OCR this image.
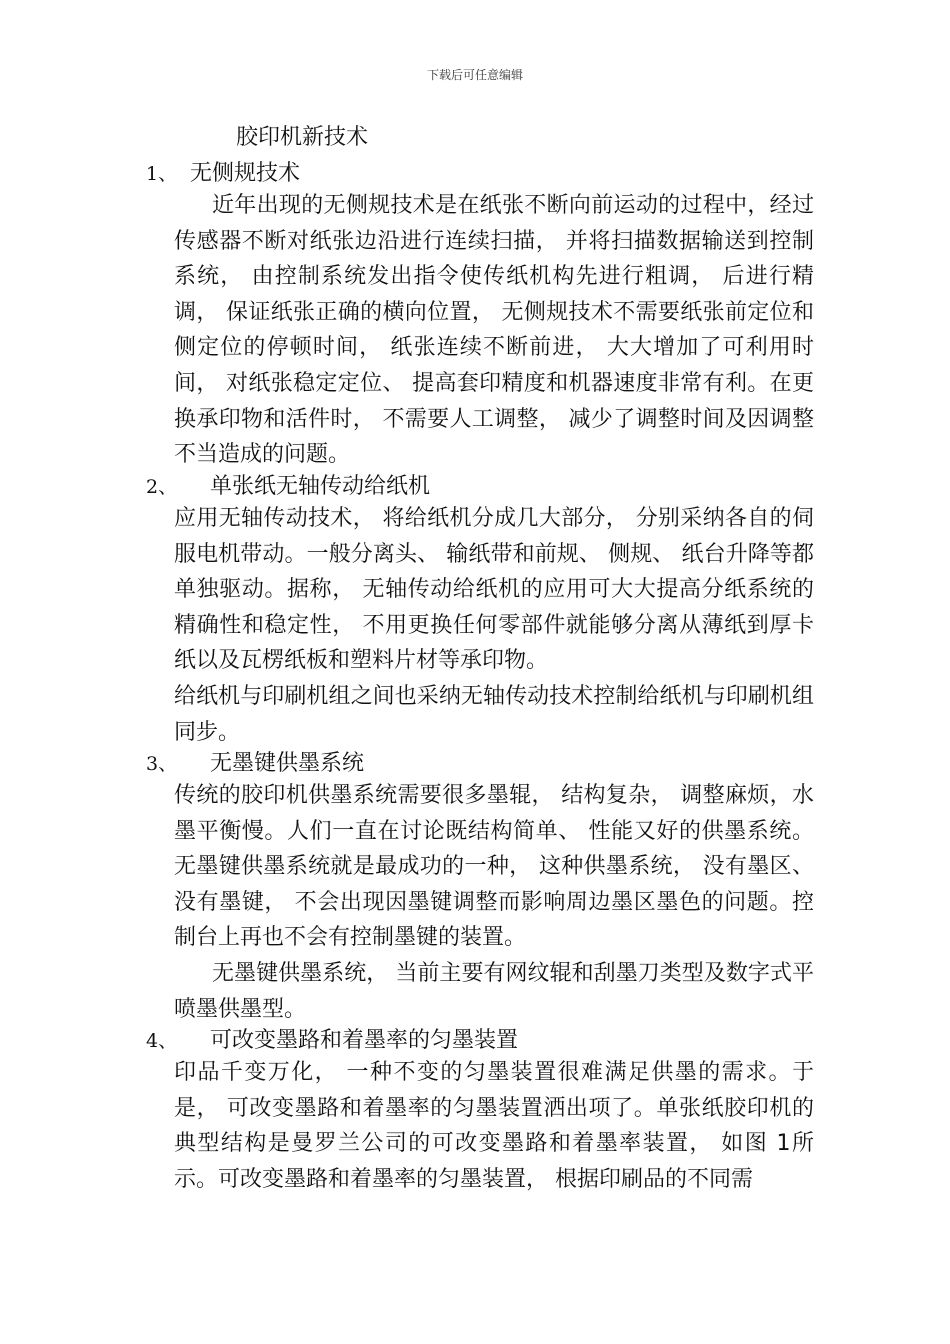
下载后可任意编辑
胶印机新技术
1、 无侧规技术

近年出现的无侧规技术是在纸张不断向前运动的过程中，经过传感器不断对纸张边沿进行连续扫描， 并将扫描数据输送到控制系统， 由控制系统发出指令使传纸机构先进行粗调， 后进行精调， 保证纸张正确的横向位置， 无侧规技术不需要纸张前定位和侧定位的停顿时间， 纸张连续不断前进， 大大增加了可利用时间， 对纸张稳定定位、 提高套印精度和机器速度非常有利。在更换承印物和活件时， 不需要人工调整， 减少了调整时间及因调整不当造成的问题。

2、 单张纸无轴传动给纸机

应用无轴传动技术， 将给纸机分成几大部分， 分别采纳各自的伺服电机带动。一般分离头、 输纸带和前规、 侧规、 纸台升降等都单独驱动。据称， 无轴传动给纸机的应用可大大提高分纸系统的精确性和稳定性， 不用更换任何零部件就能够分离从薄纸到厚卡纸以及瓦楞纸板和塑料片材等承印物。

给纸机与印刷机组之间也采纳无轴传动技术控制给纸机与印刷机组同步。

3、 无墨键供墨系统

传统的胶印机供墨系统需要很多墨辊， 结构复杂， 调整麻烦，水墨平衡慢。人们一直在讨论既结构简单、 性能又好的供墨系统。无墨键供墨系统就是最成功的一种， 这种供墨系统， 没有墨区、 没有墨键， 不会出现因墨键调整而影响周边墨区墨色的问题。控制台上再也不会有控制墨键的装置。

无墨键供墨系统， 当前主要有网纹辊和刮墨刀类型及数字式平喷墨供墨型。

4、 可改变墨路和着墨率的匀墨装置

印品千变万化， 一种不变的匀墨装置很难满足供墨的需求。于是， 可改变墨路和着墨率的匀墨装置洒出项了。单张纸胶印机的典型结构是曼罗兰公司的可改变墨路和着墨率装置， 如图 1所示。可改变墨路和着墨率的匀墨装置， 根据印刷品的不同需
